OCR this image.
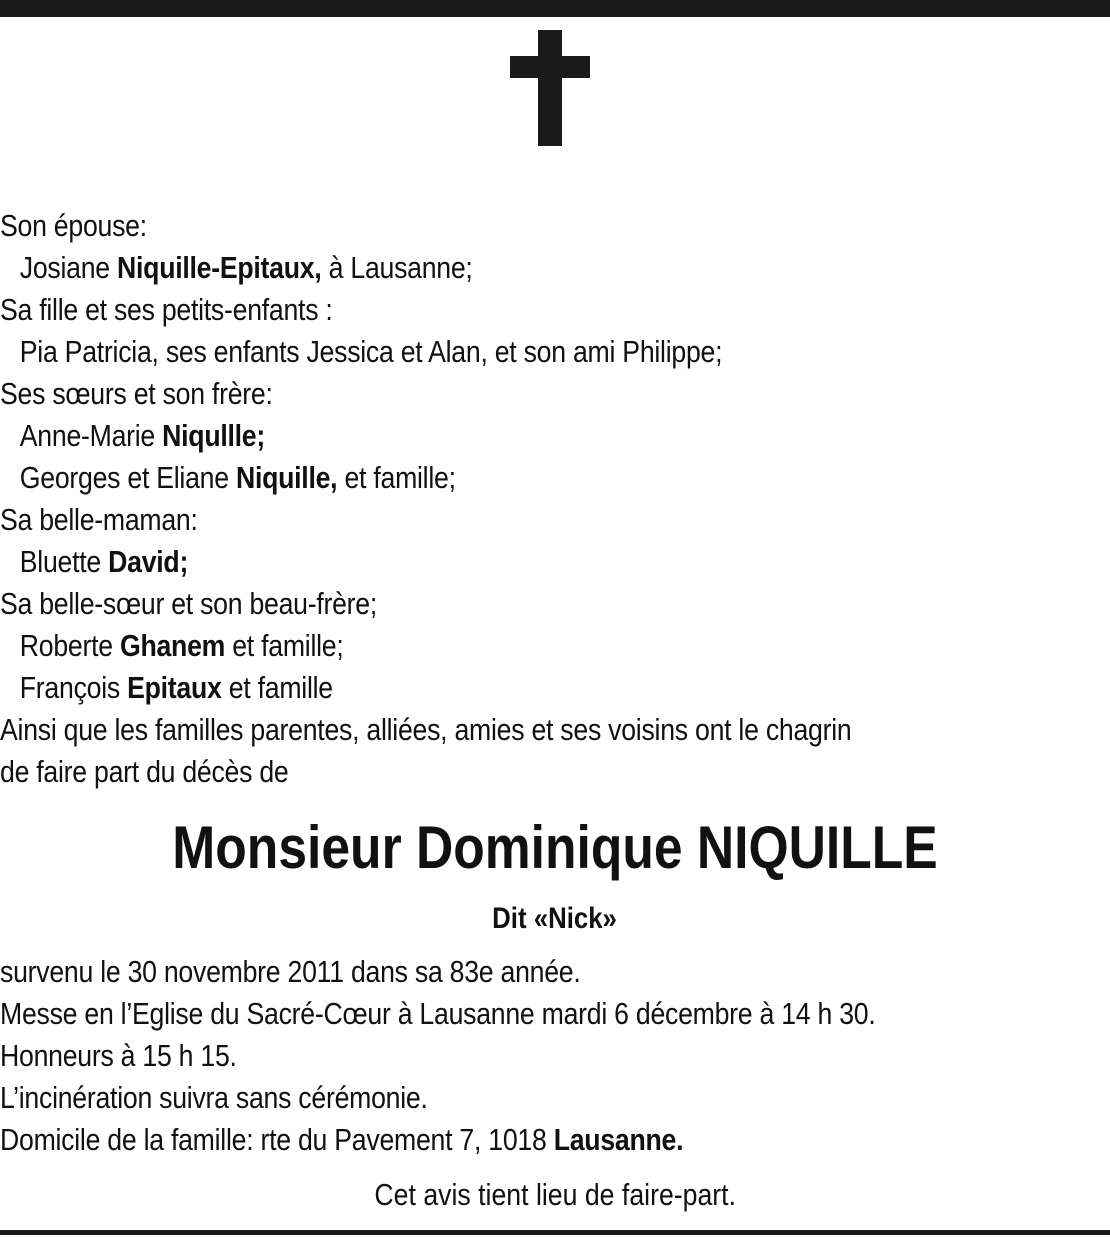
Son épouse:
Josiane Niquille-Epitaux, à Lausanne;
Sa fille et ses petits-enfants :
Pia Patricia, ses enfants Jessica et Alan, et son ami Philippe;
Ses sœurs et son frère:
Anne-Marie Niqullle;
Georges et Eliane Niquille, et famille;
Sa belle-maman:
Bluette David;
Sa belle-sœur et son beau-frère;
Roberte Ghanem et famille;
François Epitaux et famille
Ainsi que les familles parentes, alliées, amies et ses voisins ont le chagrin
de faire part du décès de
Monsieur Dominique NIQUILLE
Dit «Nick»
survenu le 30 novembre 2011 dans sa 83e année.
Messe en l’Eglise du Sacré-Cœur à Lausanne mardi 6 décembre à 14 h 30.
Honneurs à 15 h 15.
L’incinération suivra sans cérémonie.
Domicile de la famille: rte du Pavement 7, 1018 Lausanne.
Cet avis tient lieu de faire-part.
